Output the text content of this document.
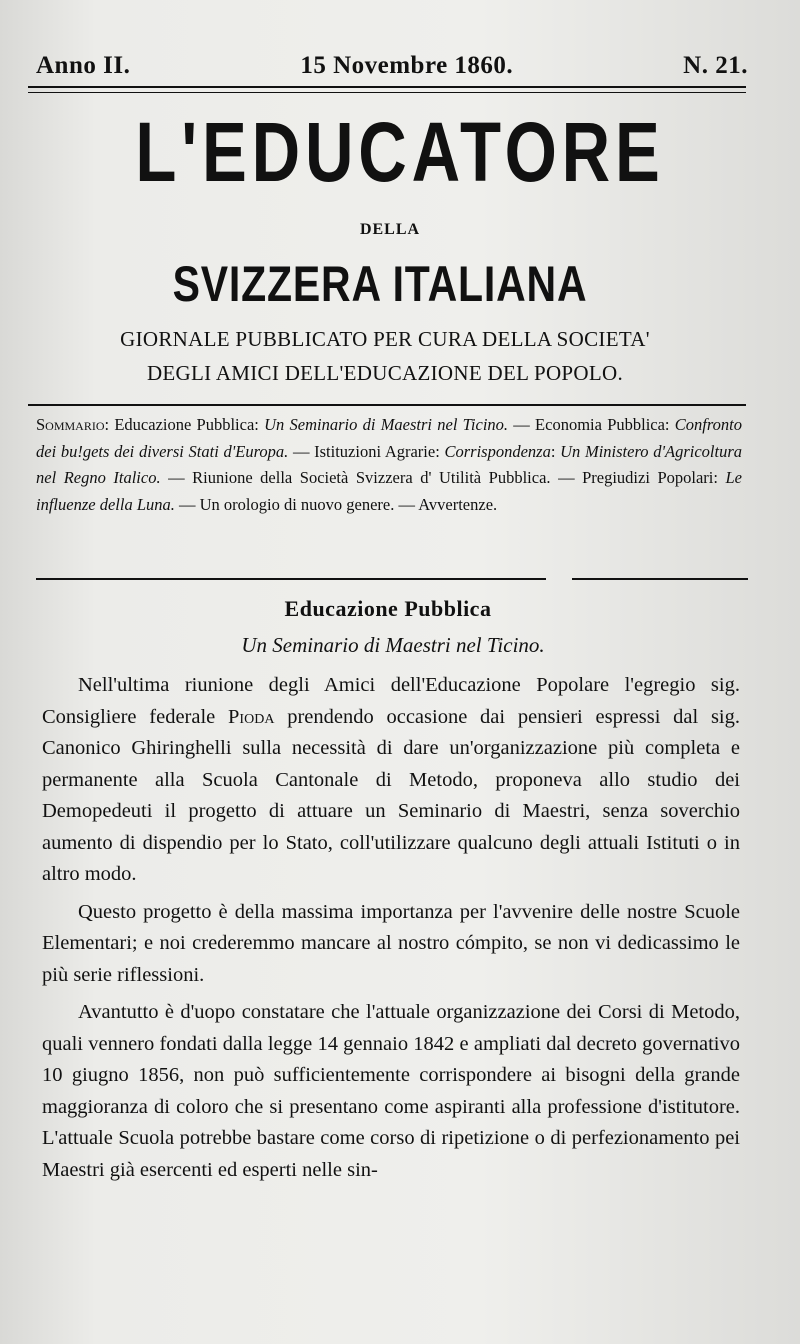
Anno II.	15 Novembre 1860.	N. 21.
L'EDUCATORE
DELLA
SVIZZERA ITALIANA
GIORNALE PUBBLICATO PER CURA DELLA SOCIETA'
DEGLI AMICI DELL'EDUCAZIONE DEL POPOLO.
Sommario: Educazione Pubblica: Un Seminario di Maestri nel Ticino. — Economia Pubblica: Confronto dei bu!gets dei diversi Stati d'Europa. — Istituzioni Agrarie: Corrispondenza: Un Ministero d'Agricoltura nel Regno Italico. — Riunione della Società Svizzera d' Utilità Pubblica. — Pregiudizi Popolari: Le influenze della Luna. — Un orologio di nuovo genere. — Avvertenze.
Educazione Pubblica
Un Seminario di Maestri nel Ticino.

Nell'ultima riunione degli Amici dell'Educazione Popolare l'egregio sig. Consigliere federale Pioda prendendo occasione dai pensieri espressi dal sig. Canonico Ghiringhelli sulla necessità di dare un'organizzazione più completa e permanente alla Scuola Cantonale di Metodo, proponeva allo studio dei Demopedeuti il progetto di attuare un Seminario di Maestri, senza soverchio aumento di dispendio per lo Stato, coll'utilizzare qualcuno degli attuali Istituti o in altro modo.

Questo progetto è della massima importanza per l'avvenire delle nostre Scuole Elementari; e noi crederemmo mancare al nostro cómpito, se non vi dedicassimo le più serie riflessioni.

Avantutto è d'uopo constatare che l'attuale organizzazione dei Corsi di Metodo, quali vennero fondati dalla legge 14 gennaio 1842 e ampliati dal decreto governativo 10 giugno 1856, non può sufficientemente corrispondere ai bisogni della grande maggioranza di coloro che si presentano come aspiranti alla professione d'istitutore. L'attuale Scuola potrebbe bastare come corso di ripetizione o di perfezionamento pei Maestri già esercenti ed esperti nelle sin-
